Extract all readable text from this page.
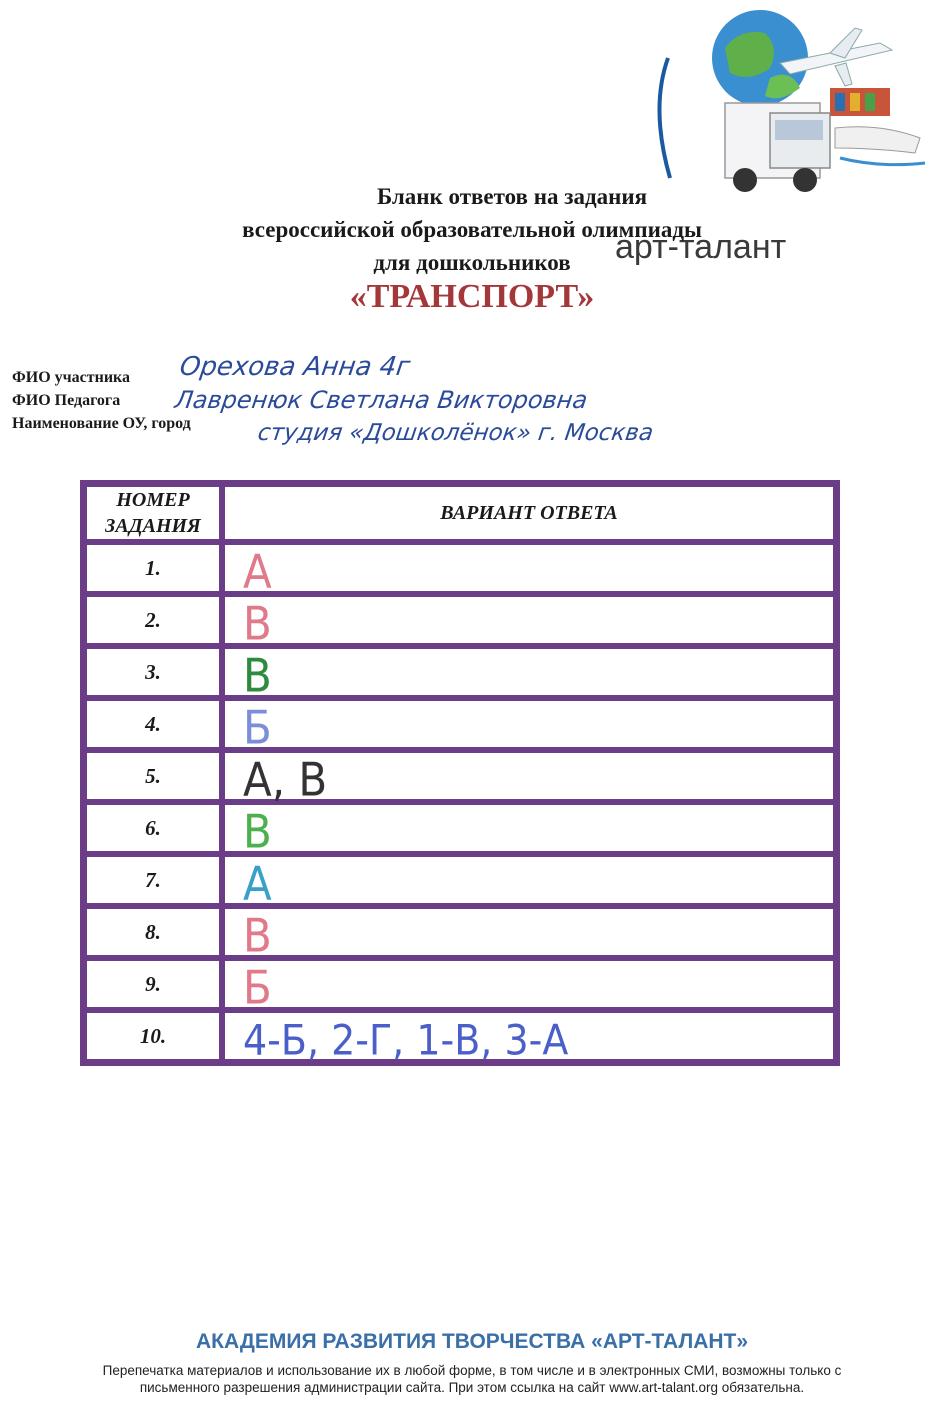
арт-талант
Бланк ответов на задания
всероссийской образовательной олимпиады
для дошкольников
«ТРАНСПОРТ»
ФИО участника Орехова Анна 4г
ФИО Педагога Лавренюк Светлана Викторовна
Наименование ОУ, город	студия «Дошколёнок» г. Москва
НОМЕР ЗАДАНИЯ	ВАРИАНТ ОТВЕТА
1.	А

2.	В

3.	В

4.	Б

5.	А, В

6.	В

7.	А

8.	В

9.	Б

10.	4-Б, 2-Г, 1-В, 3-А
АКАДЕМИЯ РАЗВИТИЯ ТВОРЧЕСТВА «АРТ-ТАЛАНТ»
Перепечатка материалов и использование их в любой форме, в том числе и в электронных СМИ, возможны только с
письменного разрешения администрации сайта. При этом ссылка на сайт www.art-talant.org обязательна.
